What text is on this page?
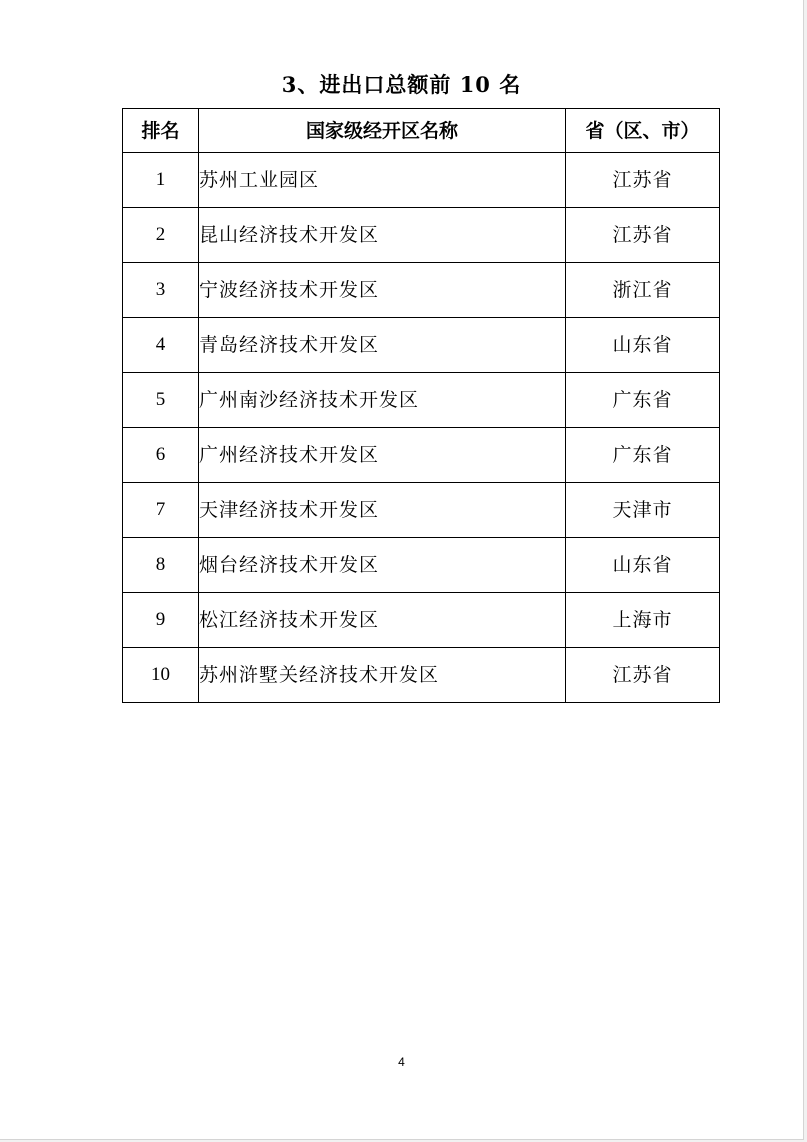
3、进出口总额前 10 名
排名	国家级经开区名称	省（区、市）
1	苏州工业园区	江苏省
2	昆山经济技术开发区	江苏省
3	宁波经济技术开发区	浙江省
4	青岛经济技术开发区	山东省
5	广州南沙经济技术开发区	广东省
6	广州经济技术开发区	广东省
7	天津经济技术开发区	天津市
8	烟台经济技术开发区	山东省
9	松江经济技术开发区	上海市
10	苏州浒墅关经济技术开发区	江苏省
4
